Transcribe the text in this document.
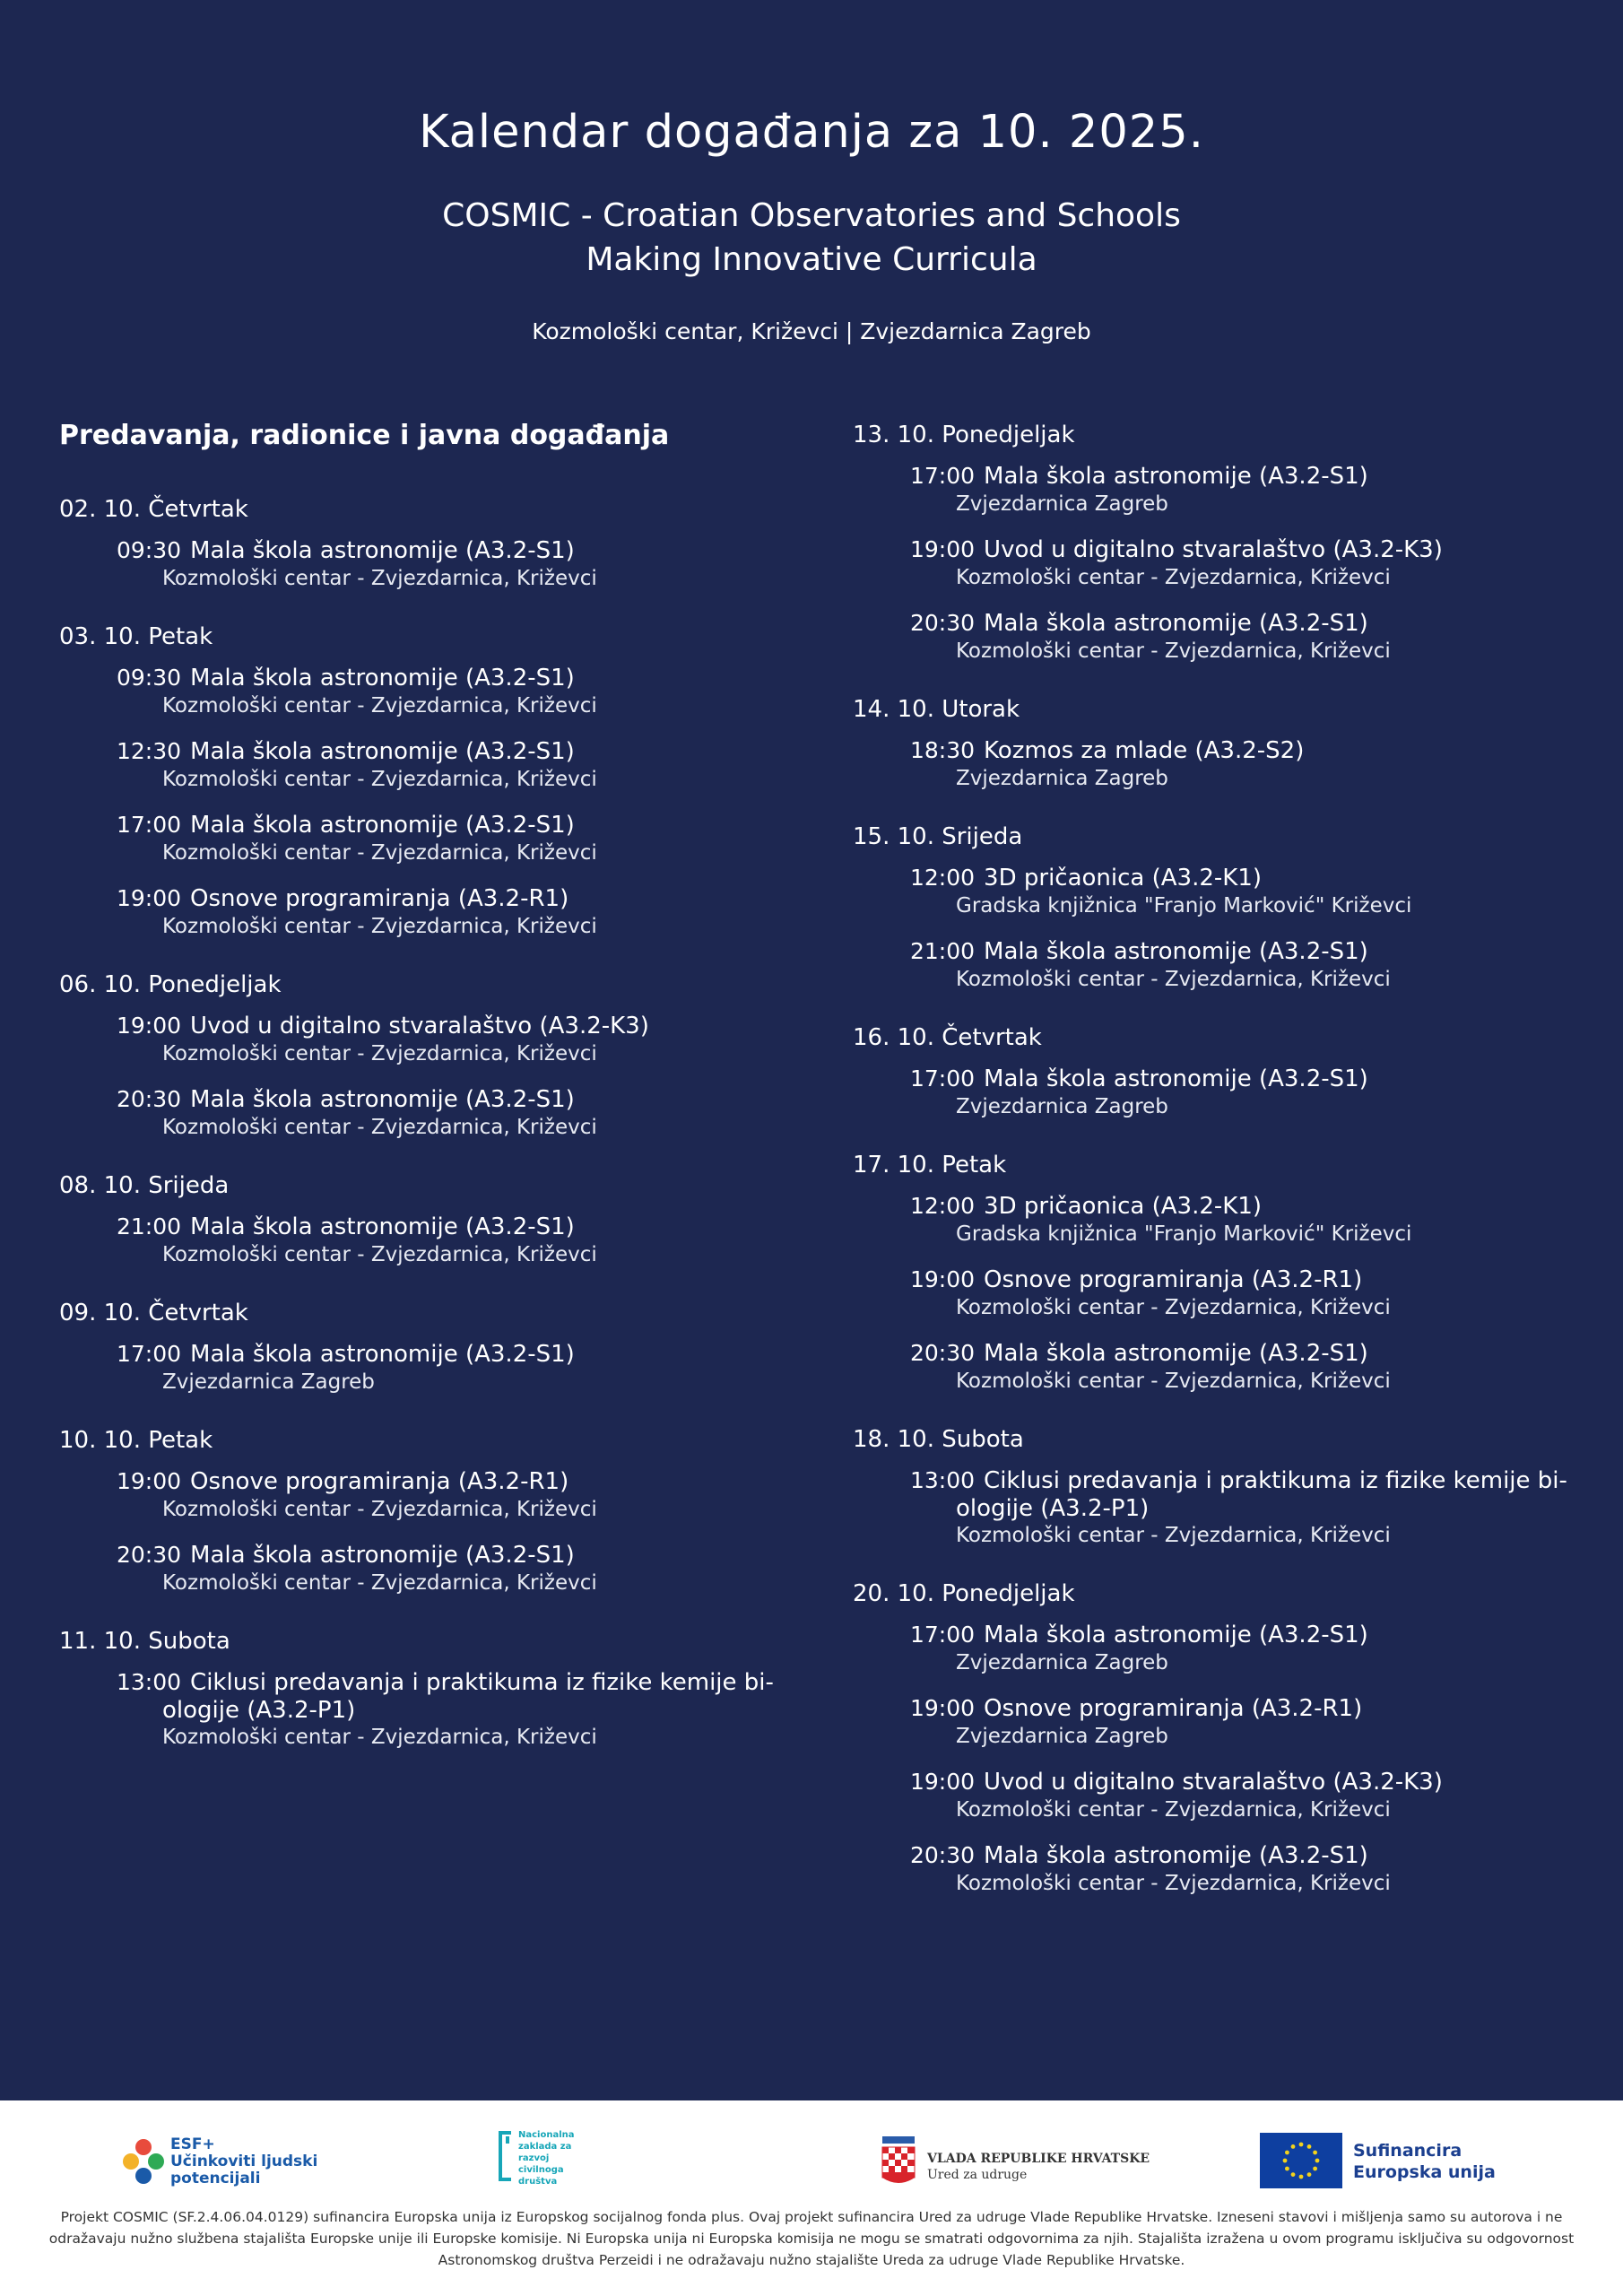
Kalendar događanja za 10. 2025.
COSMIC - Croatian Observatories and Schools
Making Innovative Curricula
Kozmološki centar, Križevci | Zvjezdarnica Zagreb
Predavanja, radionice i javna događanja
02. 10. Četvrtak
09:30 Mala škola astronomije (A3.2-S1)
Kozmološki centar - Zvjezdarnica, Križevci
03. 10. Petak
09:30 Mala škola astronomije (A3.2-S1)
Kozmološki centar - Zvjezdarnica, Križevci
12:30 Mala škola astronomije (A3.2-S1)
Kozmološki centar - Zvjezdarnica, Križevci
17:00 Mala škola astronomije (A3.2-S1)
Kozmološki centar - Zvjezdarnica, Križevci
19:00 Osnove programiranja (A3.2-R1)
Kozmološki centar - Zvjezdarnica, Križevci
06. 10. Ponedjeljak
19:00 Uvod u digitalno stvaralaštvo (A3.2-K3)
Kozmološki centar - Zvjezdarnica, Križevci
20:30 Mala škola astronomije (A3.2-S1)
Kozmološki centar - Zvjezdarnica, Križevci
08. 10. Srijeda
21:00 Mala škola astronomije (A3.2-S1)
Kozmološki centar - Zvjezdarnica, Križevci
09. 10. Četvrtak
17:00 Mala škola astronomije (A3.2-S1)
Zvjezdarnica Zagreb
10. 10. Petak
19:00 Osnove programiranja (A3.2-R1)
Kozmološki centar - Zvjezdarnica, Križevci
20:30 Mala škola astronomije (A3.2-S1)
Kozmološki centar - Zvjezdarnica, Križevci
11. 10. Subota
13:00 Ciklusi predavanja i praktikuma iz fizike kemije bi-
ologije (A3.2-P1)
Kozmološki centar - Zvjezdarnica, Križevci
13. 10. Ponedjeljak
17:00 Mala škola astronomije (A3.2-S1)
Zvjezdarnica Zagreb
19:00 Uvod u digitalno stvaralaštvo (A3.2-K3)
Kozmološki centar - Zvjezdarnica, Križevci
20:30 Mala škola astronomije (A3.2-S1)
Kozmološki centar - Zvjezdarnica, Križevci
14. 10. Utorak
18:30 Kozmos za mlade (A3.2-S2)
Zvjezdarnica Zagreb
15. 10. Srijeda
12:00 3D pričaonica (A3.2-K1)
Gradska knjižnica "Franjo Marković" Križevci
21:00 Mala škola astronomije (A3.2-S1)
Kozmološki centar - Zvjezdarnica, Križevci
16. 10. Četvrtak
17:00 Mala škola astronomije (A3.2-S1)
Zvjezdarnica Zagreb
17. 10. Petak
12:00 3D pričaonica (A3.2-K1)
Gradska knjižnica "Franjo Marković" Križevci
19:00 Osnove programiranja (A3.2-R1)
Kozmološki centar - Zvjezdarnica, Križevci
20:30 Mala škola astronomije (A3.2-S1)
Kozmološki centar - Zvjezdarnica, Križevci
18. 10. Subota
13:00 Ciklusi predavanja i praktikuma iz fizike kemije bi-
ologije (A3.2-P1)
Kozmološki centar - Zvjezdarnica, Križevci
20. 10. Ponedjeljak
17:00 Mala škola astronomije (A3.2-S1)
Zvjezdarnica Zagreb
19:00 Osnove programiranja (A3.2-R1)
Zvjezdarnica Zagreb
19:00 Uvod u digitalno stvaralaštvo (A3.2-K3)
Kozmološki centar - Zvjezdarnica, Križevci
20:30 Mala škola astronomije (A3.2-S1)
Kozmološki centar - Zvjezdarnica, Križevci
ESF+
Učinkoviti ljudski
potencijali
Nacionalna
zaklada za
razvoj
civilnoga
društva
VLADA REPUBLIKE HRVATSKE
Ured za udruge
Sufinancira
Europska unija
Projekt COSMIC (SF.2.4.06.04.0129) sufinancira Europska unija iz Europskog socijalnog fonda plus. Ovaj projekt sufinancira Ured za udruge Vlade Republike Hrvatske. Izneseni stavovi i mišljenja samo su autorova i ne odražavaju nužno službena stajališta Europske unije ili Europske komisije. Ni Europska unija ni Europska komisija ne mogu se smatrati odgovornima za njih. Stajališta izražena u ovom programu isključiva su odgovornost Astronomskog društva Perzeidi i ne odražavaju nužno stajalište Ureda za udruge Vlade Republike Hrvatske.
